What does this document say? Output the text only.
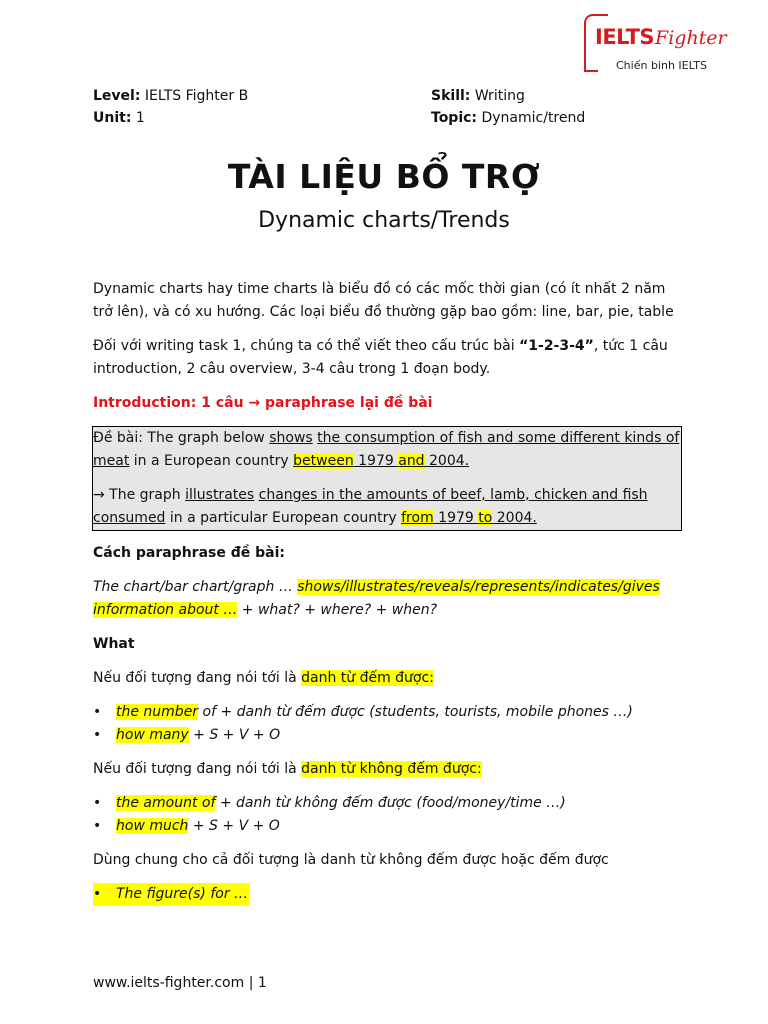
IELTSFighter
Chiến binh IELTS
Level: IELTS Fighter B
Unit: 1
Skill: Writing
Topic: Dynamic/trend
TÀI LIỆU BỔ TRỢ
Dynamic charts/Trends

Dynamic charts hay time charts là biểu đồ có các mốc thời gian (có ít nhất 2 năm trở lên), và có xu hướng. Các loại biểu đồ thường gặp bao gồm: line, bar, pie, table

Đối với writing task 1, chúng ta có thể viết theo cấu trúc bài “1-2-3-4”, tức 1 câu introduction, 2 câu overview, 3-4 câu trong 1 đoạn body.

Introduction: 1 câu → paraphrase lại đề bài

Đề bài: The graph below shows the consumption of fish and some different kinds of meat in a European country between 1979 and 2004.

→ The graph illustrates changes in the amounts of beef, lamb, chicken and fish consumed in a particular European country from 1979 to 2004.

Cách paraphrase đề bài:

The chart/bar chart/graph … shows/illustrates/reveals/represents/indicates/gives information about … + what? + where? + when?

What

Nếu đối tượng đang nói tới là danh từ đếm được:

• the number of + danh từ đếm được (students, tourists, mobile phones …)
• how many + S + V + O

Nếu đối tượng đang nói tới là danh từ không đếm được:

• the amount of + danh từ không đếm được (food/money/time …)
• how much + S + V + O

Dùng chung cho cả đối tượng là danh từ không đếm được hoặc đếm được

• The figure(s) for …
www.ielts-fighter.com | 1
